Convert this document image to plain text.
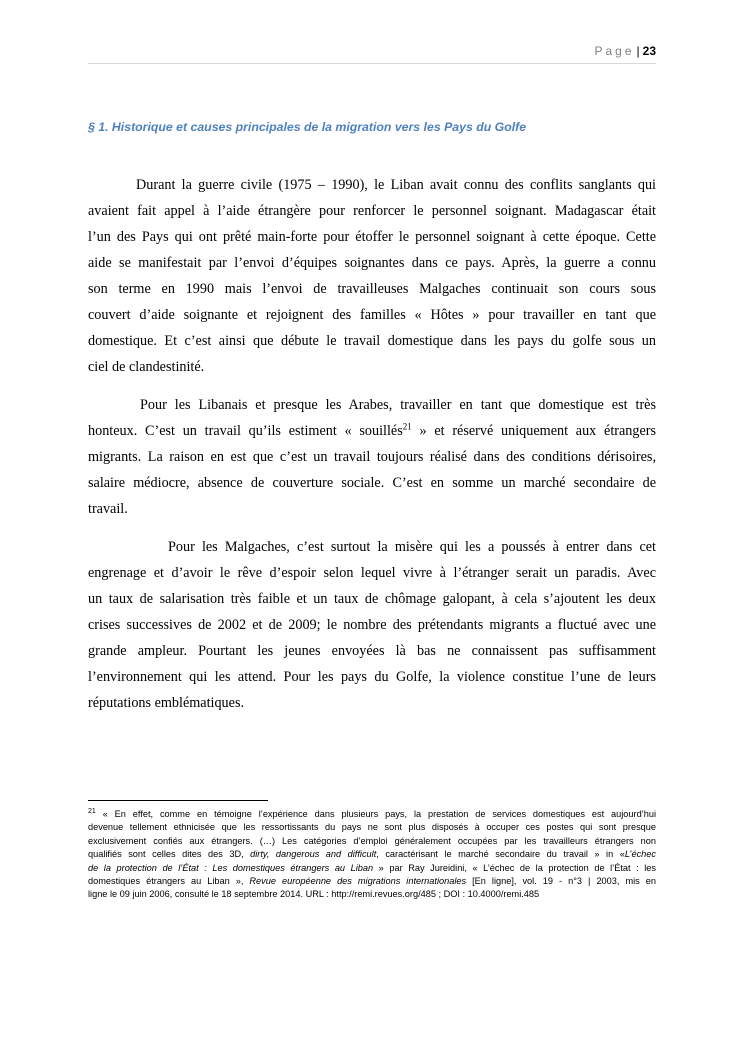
Page | 23
§ 1. Historique et causes principales de la migration vers les Pays du Golfe

Durant la guerre civile (1975 – 1990), le Liban avait connu des conflits sanglants qui
avaient fait appel à l’aide étrangère pour renforcer le personnel soignant. Madagascar était
l’un des Pays qui ont prêté main-forte pour étoffer le personnel soignant à cette époque. Cette
aide se manifestait par l’envoi d’équipes soignantes dans ce pays. Après, la guerre a connu
son terme en 1990 mais l’envoi de travailleuses Malgaches continuait son cours sous
couvert d’aide soignante et rejoignent des familles « Hôtes » pour travailler en tant que
domestique. Et c’est ainsi que débute le travail domestique dans les pays du golfe sous un
ciel de clandestinité.

Pour les Libanais et presque les Arabes, travailler en tant que domestique est très
honteux. C’est un travail qu’ils estiment « souillés$^{21}$ » et réservé uniquement aux étrangers
migrants. La raison en est que c’est un travail toujours réalisé dans des conditions dérisoires,
salaire médiocre, absence de couverture sociale. C’est en somme un marché secondaire de
travail.

Pour les Malgaches, c’est surtout la misère qui les a poussés à entrer dans cet
engrenage et d’avoir le rêve d’espoir selon lequel vivre à l’étranger serait un paradis. Avec
un taux de salarisation très faible et un taux de chômage galopant, à cela s’ajoutent les deux
crises successives de 2002 et de 2009; le nombre des prétendants migrants a fluctué avec une
grande ampleur. Pourtant les jeunes envoyées là bas ne connaissent pas suffisamment
l’environnement qui les attend. Pour les pays du Golfe, la violence constitue l’une de leurs
réputations emblématiques.

$^{21}$ « En effet, comme en témoigne l’expérience dans plusieurs pays, la prestation de services domestiques est aujourd’hui
devenue tellement ethnicisée que les ressortissants du pays ne sont plus disposés à occuper ces postes qui sont presque
exclusivement confiés aux étrangers. (…) Les catégories d’emploi généralement occupées par les travailleurs étrangers non
qualifiés sont celles dites des 3D, dirty, dangerous and difficult, caractérisant le marché secondaire du travail » in «L’échec
de la protection de l’État : Les domestiques étrangers au Liban » par Ray Jureidini, « L’échec de la protection de l’État : les
domestiques étrangers au Liban », Revue européenne des migrations internationales [En ligne], vol. 19 - n°3 | 2003, mis en
ligne le 09 juin 2006, consulté le 18 septembre 2014. URL : http://remi.revues.org/485 ; DOI : 10.4000/remi.485
